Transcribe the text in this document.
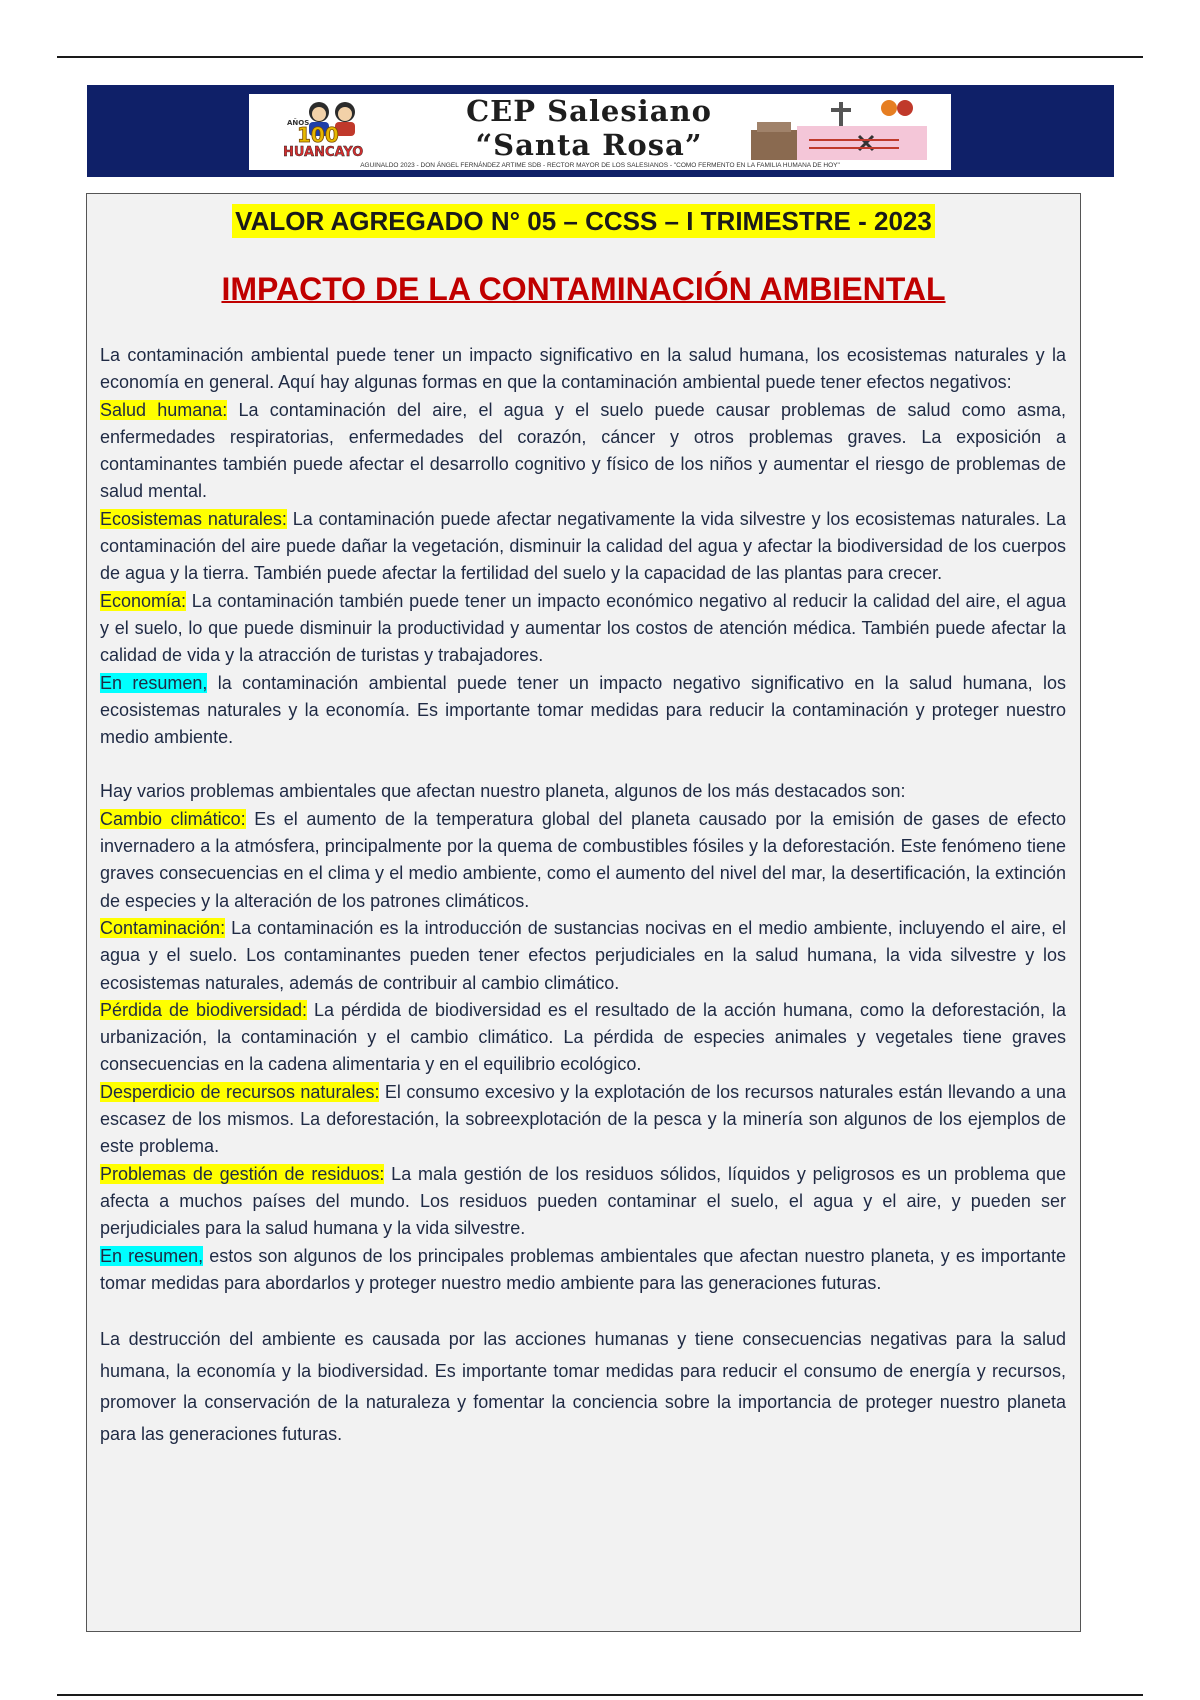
100
AÑOS
HUANCAYO
CEP Salesiano
“Santa Rosa”
AGUINALDO 2023 - DON ÁNGEL FERNÁNDEZ ARTIME SDB - RECTOR MAYOR DE LOS SALESIANOS - "COMO FERMENTO EN LA FAMILIA HUMANA DE HOY"
VALOR AGREGADO N° 05 – CCSS – I TRIMESTRE - 2023
IMPACTO DE LA CONTAMINACIÓN AMBIENTAL

La contaminación ambiental puede tener un impacto significativo en la salud humana, los ecosistemas naturales y la economía en general. Aquí hay algunas formas en que la contaminación ambiental puede tener efectos negativos:

Salud humana: La contaminación del aire, el agua y el suelo puede causar problemas de salud como asma, enfermedades respiratorias, enfermedades del corazón, cáncer y otros problemas graves. La exposición a contaminantes también puede afectar el desarrollo cognitivo y físico de los niños y aumentar el riesgo de problemas de salud mental.

Ecosistemas naturales: La contaminación puede afectar negativamente la vida silvestre y los ecosistemas naturales. La contaminación del aire puede dañar la vegetación, disminuir la calidad del agua y afectar la biodiversidad de los cuerpos de agua y la tierra. También puede afectar la fertilidad del suelo y la capacidad de las plantas para crecer.

Economía: La contaminación también puede tener un impacto económico negativo al reducir la calidad del aire, el agua y el suelo, lo que puede disminuir la productividad y aumentar los costos de atención médica. También puede afectar la calidad de vida y la atracción de turistas y trabajadores.

En resumen, la contaminación ambiental puede tener un impacto negativo significativo en la salud humana, los ecosistemas naturales y la economía. Es importante tomar medidas para reducir la contaminación y proteger nuestro medio ambiente.

Hay varios problemas ambientales que afectan nuestro planeta, algunos de los más destacados son:

Cambio climático: Es el aumento de la temperatura global del planeta causado por la emisión de gases de efecto invernadero a la atmósfera, principalmente por la quema de combustibles fósiles y la deforestación. Este fenómeno tiene graves consecuencias en el clima y el medio ambiente, como el aumento del nivel del mar, la desertificación, la extinción de especies y la alteración de los patrones climáticos.

Contaminación: La contaminación es la introducción de sustancias nocivas en el medio ambiente, incluyendo el aire, el agua y el suelo. Los contaminantes pueden tener efectos perjudiciales en la salud humana, la vida silvestre y los ecosistemas naturales, además de contribuir al cambio climático.

Pérdida de biodiversidad: La pérdida de biodiversidad es el resultado de la acción humana, como la deforestación, la urbanización, la contaminación y el cambio climático. La pérdida de especies animales y vegetales tiene graves consecuencias en la cadena alimentaria y en el equilibrio ecológico.

Desperdicio de recursos naturales: El consumo excesivo y la explotación de los recursos naturales están llevando a una escasez de los mismos. La deforestación, la sobreexplotación de la pesca y la minería son algunos de los ejemplos de este problema.

Problemas de gestión de residuos: La mala gestión de los residuos sólidos, líquidos y peligrosos es un problema que afecta a muchos países del mundo. Los residuos pueden contaminar el suelo, el agua y el aire, y pueden ser perjudiciales para la salud humana y la vida silvestre.

En resumen, estos son algunos de los principales problemas ambientales que afectan nuestro planeta, y es importante tomar medidas para abordarlos y proteger nuestro medio ambiente para las generaciones futuras.

La destrucción del ambiente es causada por las acciones humanas y tiene consecuencias negativas para la salud humana, la economía y la biodiversidad. Es importante tomar medidas para reducir el consumo de energía y recursos, promover la conservación de la naturaleza y fomentar la conciencia sobre la importancia de proteger nuestro planeta para las generaciones futuras.
